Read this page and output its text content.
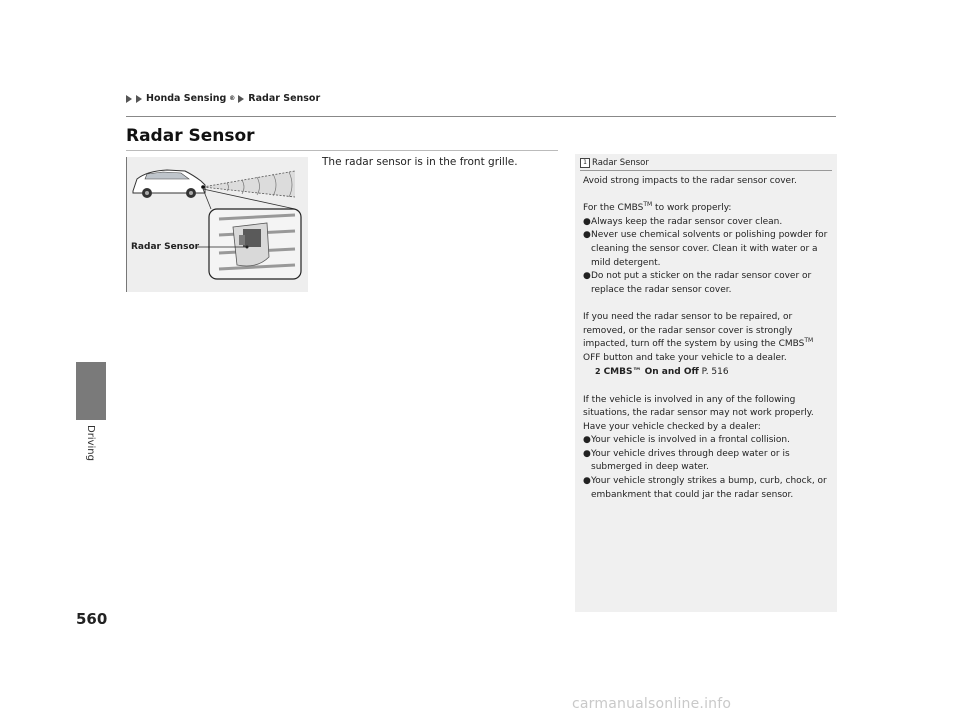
Honda Sensing ® Radar Sensor
Radar Sensor
Driving
Radar Sensor
The radar sensor is in the front grille.	1 Radar Sensor

Avoid strong impacts to the radar sensor cover.

For the CMBS™ to work properly:

● Always keep the radar sensor cover clean.
● Never use chemical solvents or polishing powder for cleaning the sensor cover. Clean it with water or a mild detergent.
● Do not put a sticker on the radar sensor cover or replace the radar sensor cover.

If you need the radar sensor to be repaired, or removed, or the radar sensor cover is strongly impacted, turn off the system by using the CMBS™ OFF button and take your vehicle to a dealer.

2 CMBS™ On and Off P. 516

If the vehicle is involved in any of the following situations, the radar sensor may not work properly. Have your vehicle checked by a dealer:

● Your vehicle is involved in a frontal collision.
● Your vehicle drives through deep water or is submerged in deep water.
● Your vehicle strongly strikes a bump, curb, chock, or embankment that could jar the radar sensor.
560
carmanualsonline.info
